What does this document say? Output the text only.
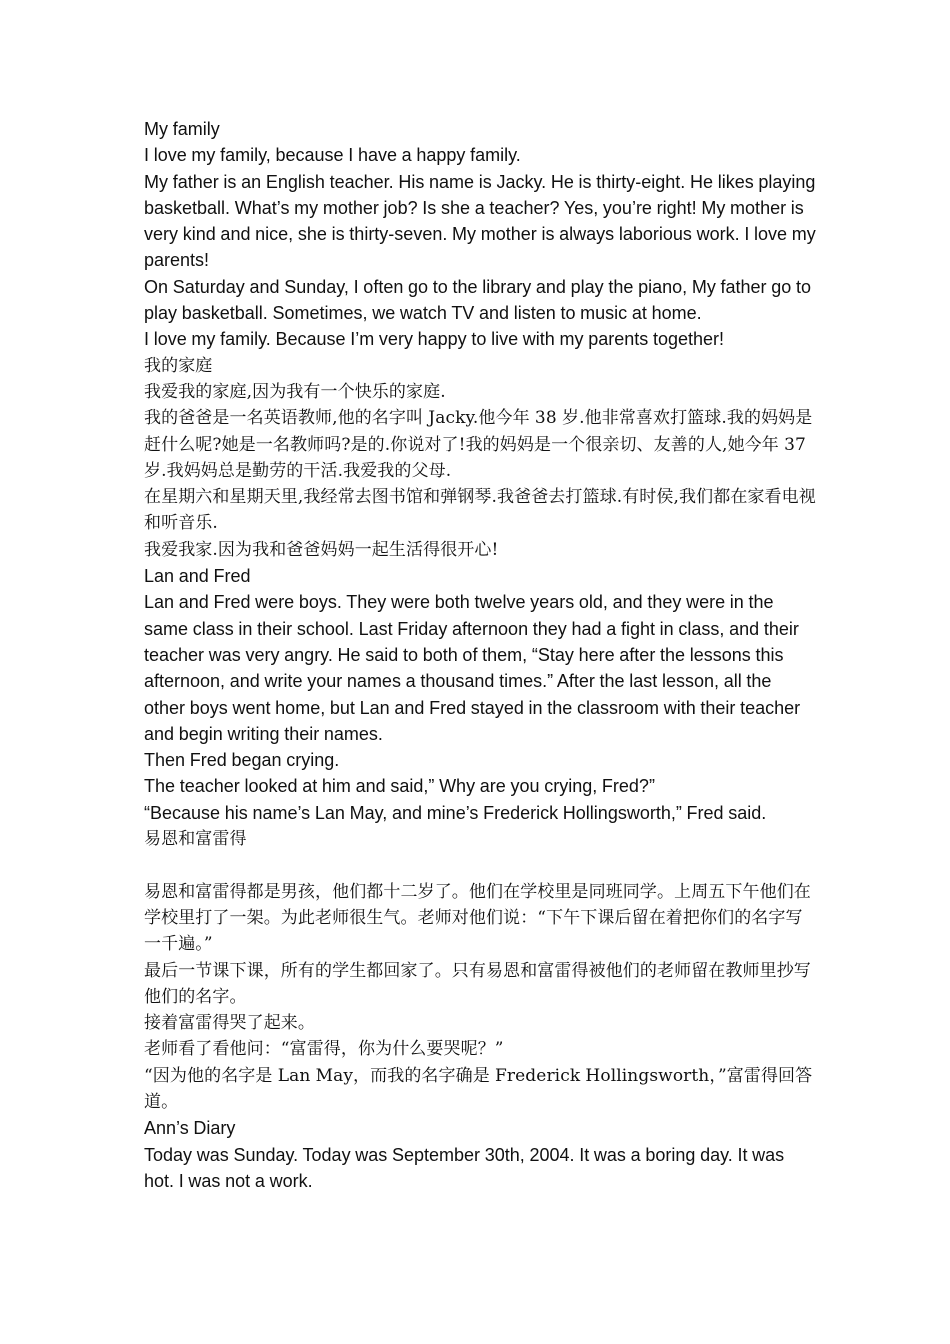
My family

I love my family, because I have a happy family.

My father is an English teacher. His name is Jacky. He is thirty-eight. He likes playing basketball. What’s my mother job? Is she a teacher? Yes, you’re right! My mother is very kind and nice, she is thirty-seven. My mother is always laborious work. I love my parents!

On Saturday and Sunday, I often go to the library and play the piano, My father go to play basketball. Sometimes, we watch TV and listen to music at home.

I love my family. Because I’m very happy to live with my parents together!

我的家庭

我爱我的家庭,因为我有一个快乐的家庭.

我的爸爸是一名英语教师,他的名字叫 Jacky.他今年 38 岁.他非常喜欢打篮球.我的妈妈是赶什么呢?她是一名教师吗?是的.你说对了!我的妈妈是一个很亲切、友善的人,她今年 37 岁.我妈妈总是勤劳的干活.我爱我的父母.

在星期六和星期天里,我经常去图书馆和弹钢琴.我爸爸去打篮球.有时侯,我们都在家看电视和听音乐.

我爱我家.因为我和爸爸妈妈一起生活得很开心!

Lan and Fred

Lan and Fred were boys. They were both twelve years old, and they were in the same class in their school. Last Friday afternoon they had a fight in class, and their teacher was very angry. He said to both of them, “Stay here after the lessons this afternoon, and write your names a thousand times.” After the last lesson, all the other boys went home, but Lan and Fred stayed in the classroom with their teacher and begin writing their names.

Then Fred began crying.

The teacher looked at him and said,” Why are you crying, Fred?”

“Because his name’s Lan May, and mine’s Frederick Hollingsworth,” Fred said.

易恩和富雷得

易恩和富雷得都是男孩，他们都十二岁了。他们在学校里是同班同学。上周五下午他们在学校里打了一架。为此老师很生气。老师对他们说：“下午下课后留在着把你们的名字写一千遍。”

最后一节课下课，所有的学生都回家了。只有易恩和富雷得被他们的老师留在教师里抄写他们的名字。

接着富雷得哭了起来。

老师看了看他问：“富雷得，你为什么要哭呢？”

“因为他的名字是 Lan May，而我的名字确是 Frederick Hollingsworth，”富雷得回答道。

Ann’s Diary

Today was Sunday. Today was September 30th, 2004. It was a boring day. It was hot. I was not a work.
